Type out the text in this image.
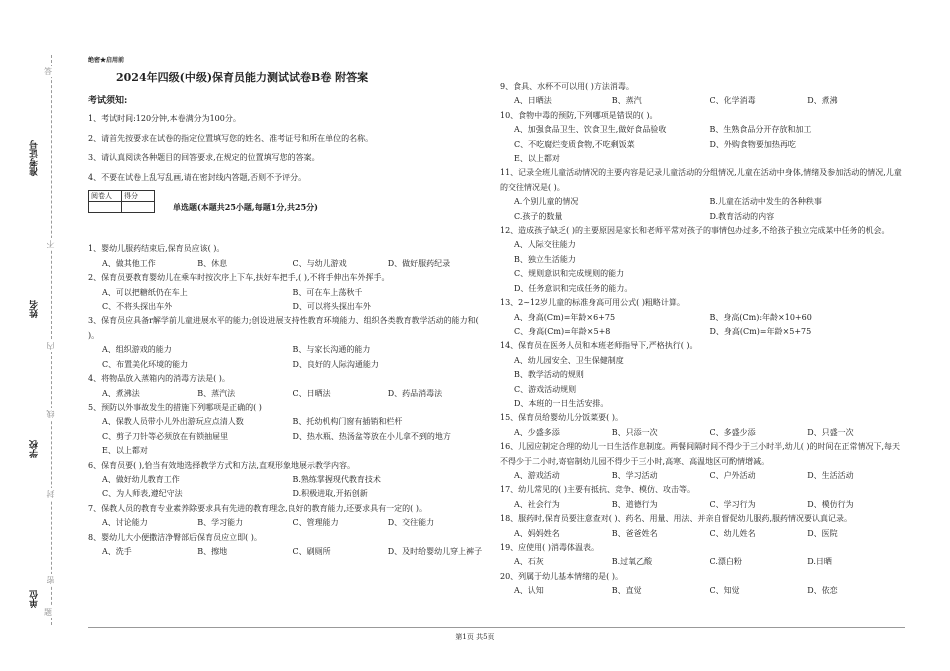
准考证号
姓名
学校
单位
不
内
线
封
密
题
答
绝密★启用前
2024年四级(中级)保育员能力测试试卷B卷 附答案
考试须知:
1、考试时间:120分钟,本卷满分为100分。
2、请首先按要求在试卷的指定位置填写您的姓名、准考证号和所在单位的名称。
3、请认真阅读各种题目的回答要求,在规定的位置填写您的答案。
4、不要在试卷上乱写乱画,请在密封线内答题,否则不予评分。
阅卷人	得分

单选题(本题共25小题,每题1分,共25分)
1、婴幼儿服药结束后,保育员应该( )。
A、做其他工作	B、休息	C、与幼儿游戏	D、做好服药纪录
2、保育员要教育婴幼儿在乘车时按次序上下车,扶好车把手,( ),不将手伸出车外挥手。
A、可以把糖纸仍在车上	B、可在车上荡秋千
C、不将头探出车外	D、可以将头探出车外
3、保育员应具备r解学前儿童进展水平的能力;创设进展支持性教育环境能力、组织各类教育教学活动的能力和( )。
A、组织游戏的能力	B、与家长沟通的能力
C、布置美化环境的能力	D、良好的人际沟通能力
4、将物品放入蒸箱内的消毒方法是( )。
A、煮沸法	B、蒸汽法	C、日晒法	D、药品消毒法
5、预防以外事故发生的措施下列哪项是正确的( )
A、保教人员带小儿外出游玩应点清人数	B、托幼机构门窗有插销和栏杆
C、剪子刀针等必须放在有锁抽屉里	D、热水瓶、热汤盆等放在小儿拿不到的地方
E、以上都对
6、保育员要( ),恰当有效地选择教学方式和方法,直观形象地展示教学内容。
A、做好幼儿教育工作	B.熟练掌握现代教育技术
C、为人师表,遵纪守法	D.积极进取,开拓创新
7、保教人员的教育专业素养除要求具有先进的教育理念,良好的教育能力,还要求具有一定的( )。
A、讨论能力	B、学习能力	C、管理能力	D、交往能力
8、婴幼儿大小便撒洁净臀部后保育员应立即( )。
A、洗手	B、擦地	C、刷厕所	D、及时给婴幼儿穿上裤子
9、食具、水杯不可以用( )方法消毒。
A、日晒法	B、蒸汽	C、化学消毒	D、煮沸
10、食物中毒的预防,下列哪项是错误的( )。
A、加强食品卫生、饮食卫生,做好食品验收	B、生熟食品分开存放和加工
C、不吃腐烂变质食物,不吃剩饭菜	D、外购食物要加热再吃
E、以上都对
11、记录全班儿童活动情况的主要内容是记录儿童活动的分组情况,儿童在活动中身体,情绪及参加活动的情况,儿童的交往情况是( )。
A.个别儿童的情况	B.儿童在活动中发生的各种秩事
C.孩子的数量	D.教育活动的内容
12、造成孩子缺乏( )的主要原因是家长和老师平常对孩子的事情包办过多,不给孩子独立完成某中任务的机会。
A、人际交往能力
B、独立生活能力
C、规则意识和完成规则的能力
D、任务意识和完成任务的能力。
13、2~12岁儿童的标准身高可用公式( )粗略计算。
A、身高(Cm)=年龄×6+75	B、身高(Cm):年龄×10+60
C、身高(Cm)=年龄×5+8	D、身高(Cm)=年龄×5+75
14、保育员在医务人员和本班老师指导下,严格执行( )。
A、幼儿园安全、卫生保健制度
B、教学活动的规则
C、游戏活动规则
D、本班的一日生活安排。
15、保育员给婴幼儿分饭菜要( )。
A、少盛多添	B、只添一次	C、多盛少添	D、只盛一次
16、儿园应制定合理的幼儿一日生活作息制度。两餐间隔时间不得少于三小时半,幼儿( )的时间在正常情况下,每天不得少于二小时,寄宿制幼儿园不得少于三小时,高寒、高温地区可酌情增减。
A、游戏活动	B、学习活动	C、户外活动	D、生活活动
17、幼儿常见的( )主要有抵抗、竞争、模仿、攻击等。
A、社会行为	B、道德行为	C、学习行为	D、模仿行为
18、服药时,保育员要注意查对( )、药名、用量、用法、并亲自督促幼儿服药,服药情况要认真记录。
A、妈妈姓名	B、爸爸姓名	C、幼儿姓名	D、医院
19、应使用( )消毒体温表。
A、石灰	B.过氧乙酸	C.漂白粉	D.日晒
20、列属于幼儿基本情绪的是( )。
A、认知	B、直觉	C、知觉	D、依恋
第1页 共5页
